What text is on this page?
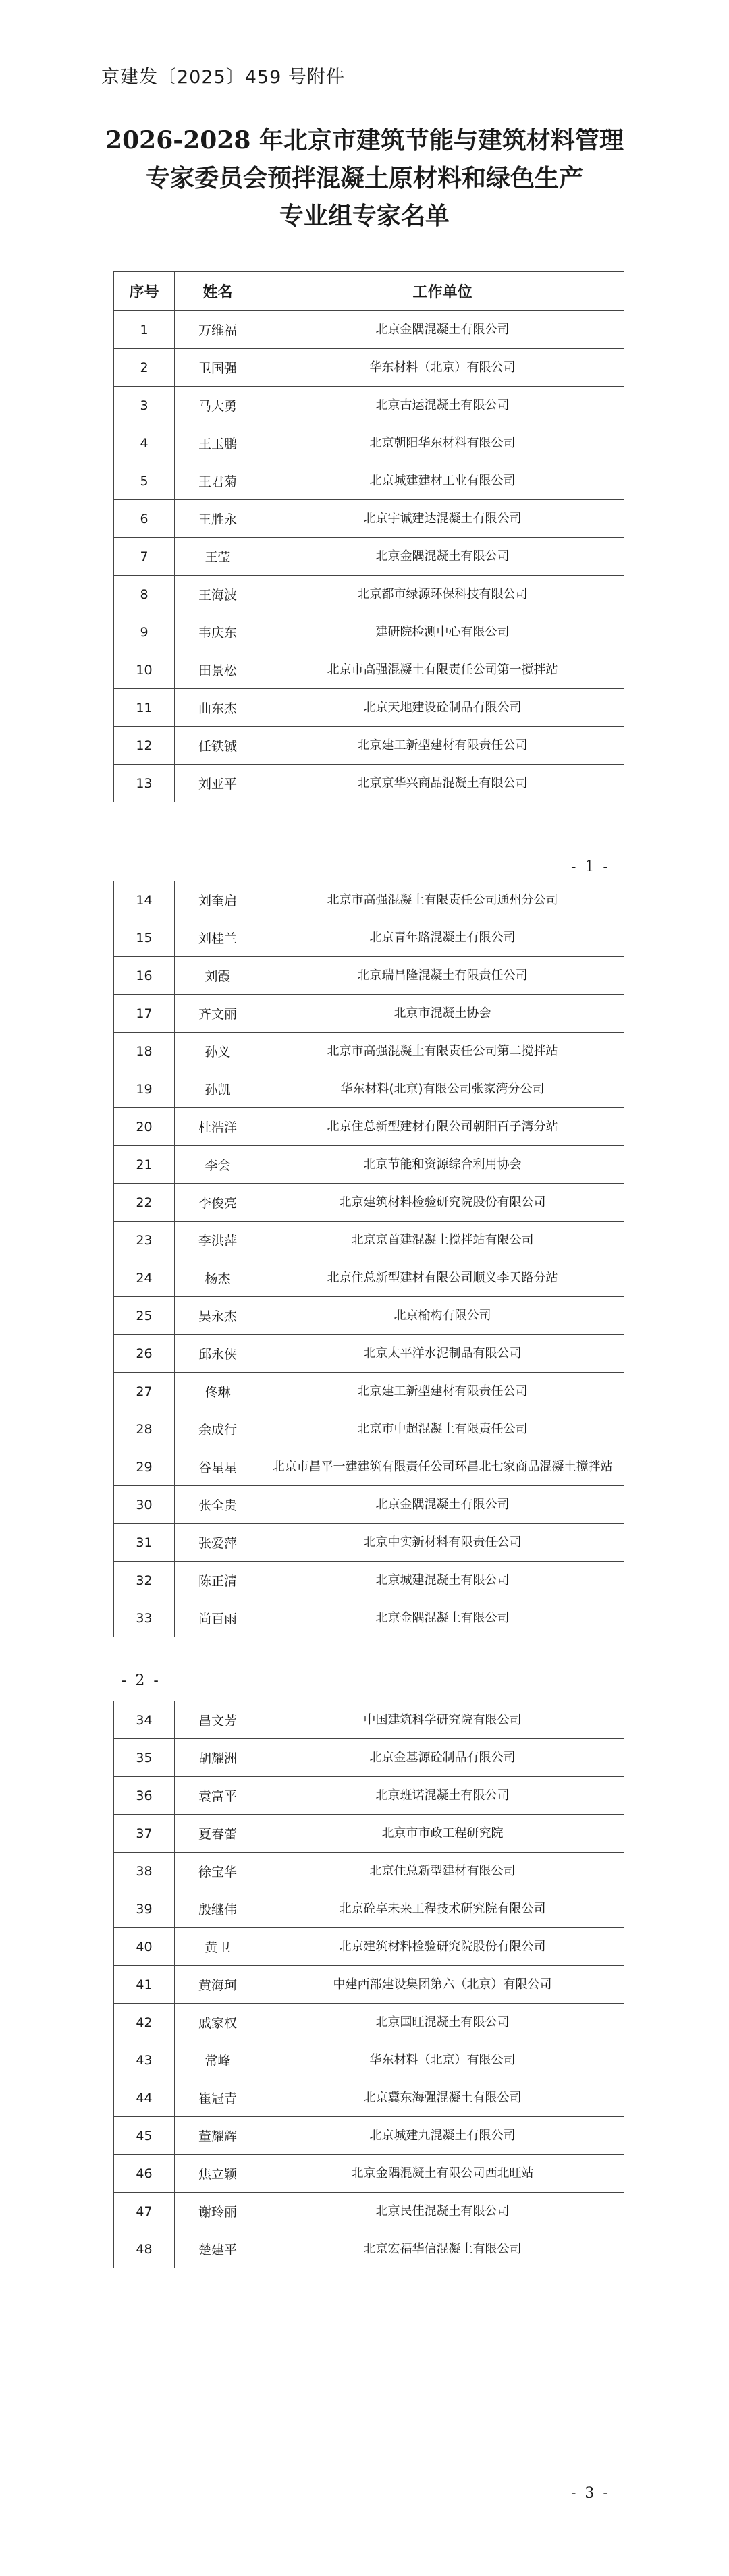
京建发〔2025〕459 号附件
2026-2028 年北京市建筑节能与建筑材料管理
专家委员会预拌混凝土原材料和绿色生产
专业组专家名单
序号	姓名	工作单位
1	万维福	北京金隅混凝土有限公司
2	卫国强	华东材料（北京）有限公司
3	马大勇	北京古运混凝土有限公司
4	王玉鹏	北京朝阳华东材料有限公司
5	王君菊	北京城建建材工业有限公司
6	王胜永	北京宇诚建达混凝土有限公司
7	王莹	北京金隅混凝土有限公司
8	王海波	北京都市绿源环保科技有限公司
9	韦庆东	建研院检测中心有限公司
10	田景松	北京市高强混凝土有限责任公司第一搅拌站
11	曲东杰	北京天地建设砼制品有限公司
12	任铁铖	北京建工新型建材有限责任公司
13	刘亚平	北京京华兴商品混凝土有限公司
- 1 -
14	刘奎启	北京市高强混凝土有限责任公司通州分公司
15	刘桂兰	北京青年路混凝土有限公司
16	刘霞	北京瑞昌隆混凝土有限责任公司
17	齐文丽	北京市混凝土协会
18	孙义	北京市高强混凝土有限责任公司第二搅拌站
19	孙凯	华东材料(北京)有限公司张家湾分公司
20	杜浩洋	北京住总新型建材有限公司朝阳百子湾分站
21	李会	北京节能和资源综合利用协会
22	李俊亮	北京建筑材料检验研究院股份有限公司
23	李洪萍	北京京首建混凝土搅拌站有限公司
24	杨杰	北京住总新型建材有限公司顺义李天路分站
25	吴永杰	北京榆构有限公司
26	邱永侠	北京太平洋水泥制品有限公司
27	佟琳	北京建工新型建材有限责任公司
28	余成行	北京市中超混凝土有限责任公司
29	谷星星	北京市昌平一建建筑有限责任公司环昌北七家商品混凝土搅拌站
30	张全贵	北京金隅混凝土有限公司
31	张爱萍	北京中实新材料有限责任公司
32	陈正清	北京城建混凝土有限公司
33	尚百雨	北京金隅混凝土有限公司
- 2 -
34	昌文芳	中国建筑科学研究院有限公司
35	胡耀洲	北京金基源砼制品有限公司
36	袁富平	北京班诺混凝土有限公司
37	夏春蕾	北京市市政工程研究院
38	徐宝华	北京住总新型建材有限公司
39	殷继伟	北京砼享未来工程技术研究院有限公司
40	黄卫	北京建筑材料检验研究院股份有限公司
41	黄海珂	中建西部建设集团第六（北京）有限公司
42	戚家权	北京国旺混凝土有限公司
43	常峰	华东材料（北京）有限公司
44	崔冠青	北京冀东海强混凝土有限公司
45	董耀辉	北京城建九混凝土有限公司
46	焦立颖	北京金隅混凝土有限公司西北旺站
47	谢玲丽	北京民佳混凝土有限公司
48	楚建平	北京宏福华信混凝土有限公司
- 3 -
